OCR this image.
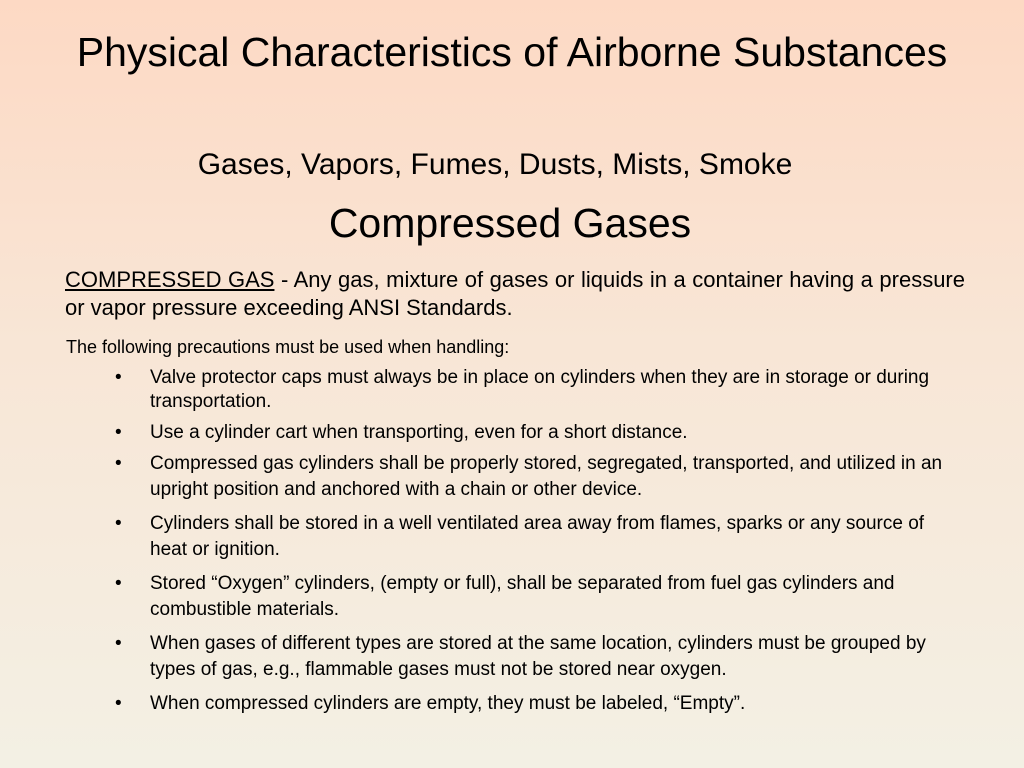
Physical Characteristics of Airborne Substances
Gases, Vapors, Fumes, Dusts, Mists, Smoke
Compressed Gases
COMPRESSED GAS - Any gas, mixture of gases or liquids in a container having a pressure or vapor pressure exceeding ANSI Standards.
The following precautions must be used when handling:
•	Valve protector caps must always be in place on cylinders when they are in storage or during transportation.
•	Use a cylinder cart when transporting, even for a short distance.
•	Compressed gas cylinders shall be properly stored, segregated, transported, and utilized in an upright position and anchored with a chain or other device.
•	Cylinders shall be stored in a well ventilated area away from flames, sparks or any source of heat or ignition.
•	Stored “Oxygen” cylinders, (empty or full), shall be separated from fuel gas cylinders and combustible materials.
•	When gases of different types are stored at the same location, cylinders must be grouped by types of gas, e.g., flammable gases must not be stored near oxygen.
•	When compressed cylinders are empty, they must be labeled, “Empty”.
